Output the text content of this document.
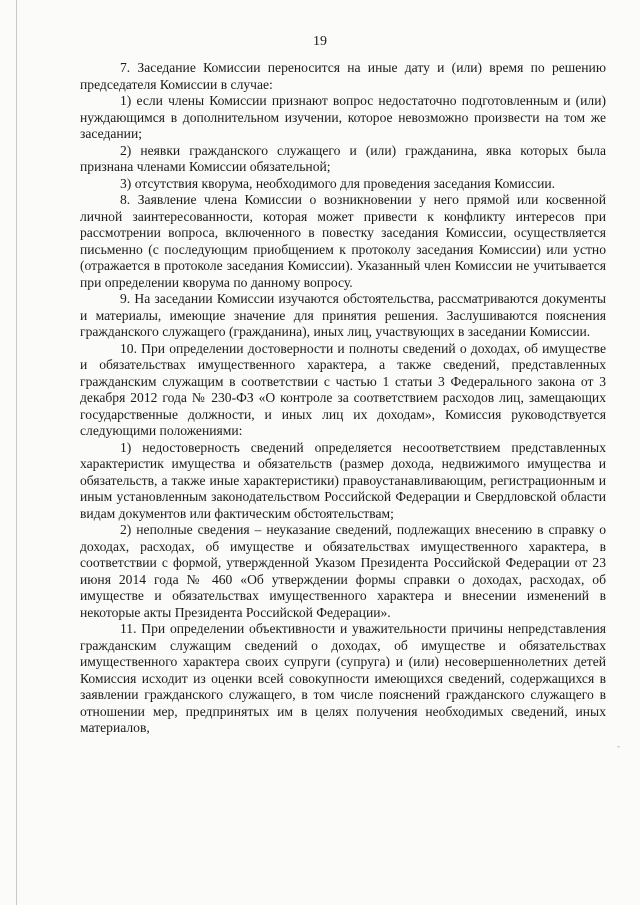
19

7. Заседание Комиссии переносится на иные дату и (или) время по решению председателя Комиссии в случае:

1) если члены Комиссии признают вопрос недостаточно подготовленным и (или) нуждающимся в дополнительном изучении, которое невозможно произвести на том же заседании;

2) неявки гражданского служащего и (или) гражданина, явка которых была признана членами Комиссии обязательной;

3) отсутствия кворума, необходимого для проведения заседания Комиссии.

8. Заявление члена Комиссии о возникновении у него прямой или косвенной личной заинтересованности, которая может привести к конфликту интересов при рассмотрении вопроса, включенного в повестку заседания Комиссии, осуществляется письменно (с последующим приобщением к протоколу заседания Комиссии) или устно (отражается в протоколе заседания Комиссии). Указанный член Комиссии не учитывается при определении кворума по данному вопросу.

9. На заседании Комиссии изучаются обстоятельства, рассматриваются документы и материалы, имеющие значение для принятия решения. Заслушиваются пояснения гражданского служащего (гражданина), иных лиц, участвующих в заседании Комиссии.

10. При определении достоверности и полноты сведений о доходах, об имуществе и обязательствах имущественного характера, а также сведений, представленных гражданским служащим в соответствии с частью 1 статьи 3 Федерального закона от 3 декабря 2012 года № 230-ФЗ «О контроле за соответствием расходов лиц, замещающих государственные должности, и иных лиц их доходам», Комиссия руководствуется следующими положениями:

1) недостоверность сведений определяется несоответствием представленных характеристик имущества и обязательств (размер дохода, недвижимого имущества и обязательств, а также иные характеристики) правоустанавливающим, регистрационным и иным установленным законодательством Российской Федерации и Свердловской области видам документов или фактическим обстоятельствам;

2) неполные сведения – неуказание сведений, подлежащих внесению в справку о доходах, расходах, об имуществе и обязательствах имущественного характера, в соответствии с формой, утвержденной Указом Президента Российской Федерации от 23 июня 2014 года № 460 «Об утверждении формы справки о доходах, расходах, об имуществе и обязательствах имущественного характера и внесении изменений в некоторые акты Президента Российской Федерации».

11. При определении объективности и уважительности причины непредставления гражданским служащим сведений о доходах, об имуществе и обязательствах имущественного характера своих супруги (супруга) и (или) несовершеннолетних детей Комиссия исходит из оценки всей совокупности имеющихся сведений, содержащихся в заявлении гражданского служащего, в том числе пояснений гражданского служащего в отношении мер, предпринятых им в целях получения необходимых сведений, иных материалов,

-
